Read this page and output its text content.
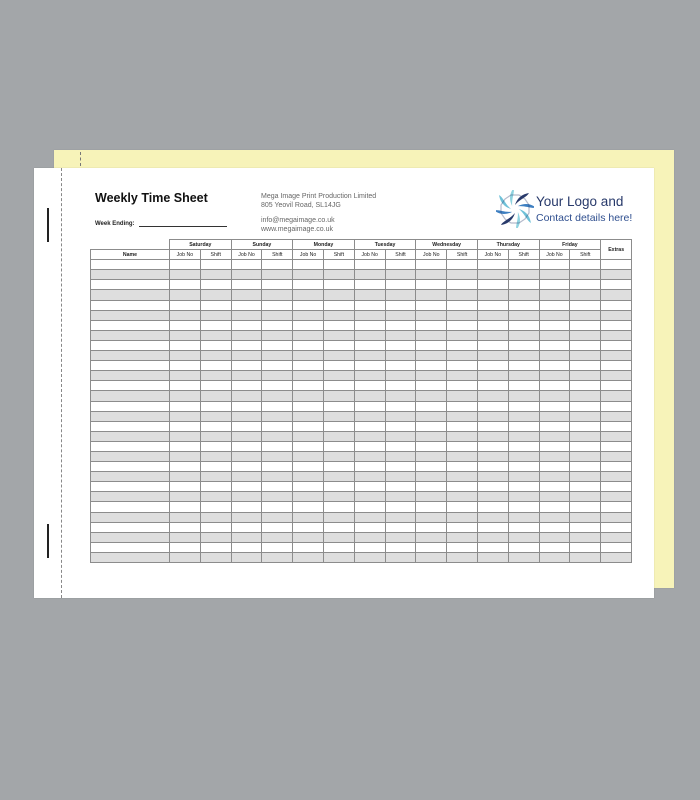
Weekly Time Sheet
Week Ending:
Mega Image Print Production Limited
805 Yeovil Road, SL14JG
info@megaimage.co.uk
www.megaimage.co.uk
Your Logo and
Contact details here!
	Saturday		Sunday		Monday		Tuesday		Wednesday		Thursday		Friday		Extras
Name	Job No	Shift	Job No	Shift	Job No	Shift	Job No	Shift	Job No	Shift	Job No	Shift	Job No	Shift	
